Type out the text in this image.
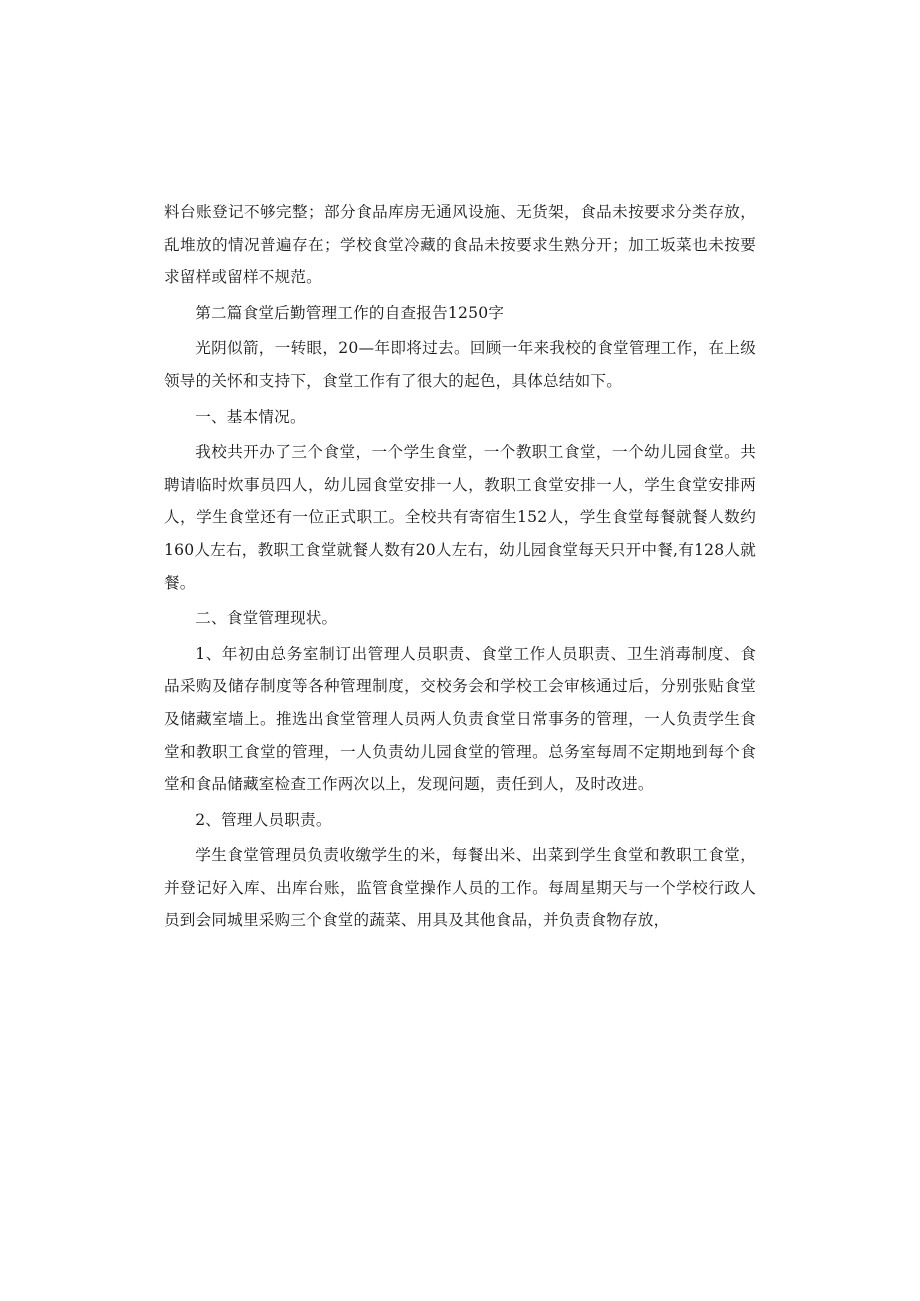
料台账登记不够完整；部分食品库房无通风设施、无货架，食品未按要求分类存放，乱堆放的情况普遍存在；学校食堂冷藏的食品未按要求生熟分开；加工坂菜也未按要求留样或留样不规范。

第二篇食堂后勤管理工作的自查报告1250字

光阴似箭，一转眼，20—年即将过去。回顾一年来我校的食堂管理工作，在上级领导的关怀和支持下，食堂工作有了很大的起色，具体总结如下。

一、基本情况。

我校共开办了三个食堂，一个学生食堂，一个教职工食堂，一个幼儿园食堂。共聘请临时炊事员四人，幼儿园食堂安排一人，教职工食堂安排一人，学生食堂安排两人，学生食堂还有一位正式职工。全校共有寄宿生152人，学生食堂每餐就餐人数约160人左右，教职工食堂就餐人数有20人左右，幼儿园食堂每天只开中餐,有128人就餐。

二、食堂管理现状。

1、年初由总务室制订出管理人员职责、食堂工作人员职责、卫生消毒制度、食品采购及储存制度等各种管理制度，交校务会和学校工会审核通过后，分别张贴食堂及储藏室墙上。推选出食堂管理人员两人负责食堂日常事务的管理，一人负责学生食堂和教职工食堂的管理，一人负责幼儿园食堂的管理。总务室每周不定期地到每个食堂和食品储藏室检查工作两次以上，发现问题，责任到人，及时改进。

2、管理人员职责。

学生食堂管理员负责收缴学生的米，每餐出米、出菜到学生食堂和教职工食堂，并登记好入库、出库台账，监管食堂操作人员的工作。每周星期天与一个学校行政人员到会同城里采购三个食堂的蔬菜、用具及其他食品，并负责食物存放，
